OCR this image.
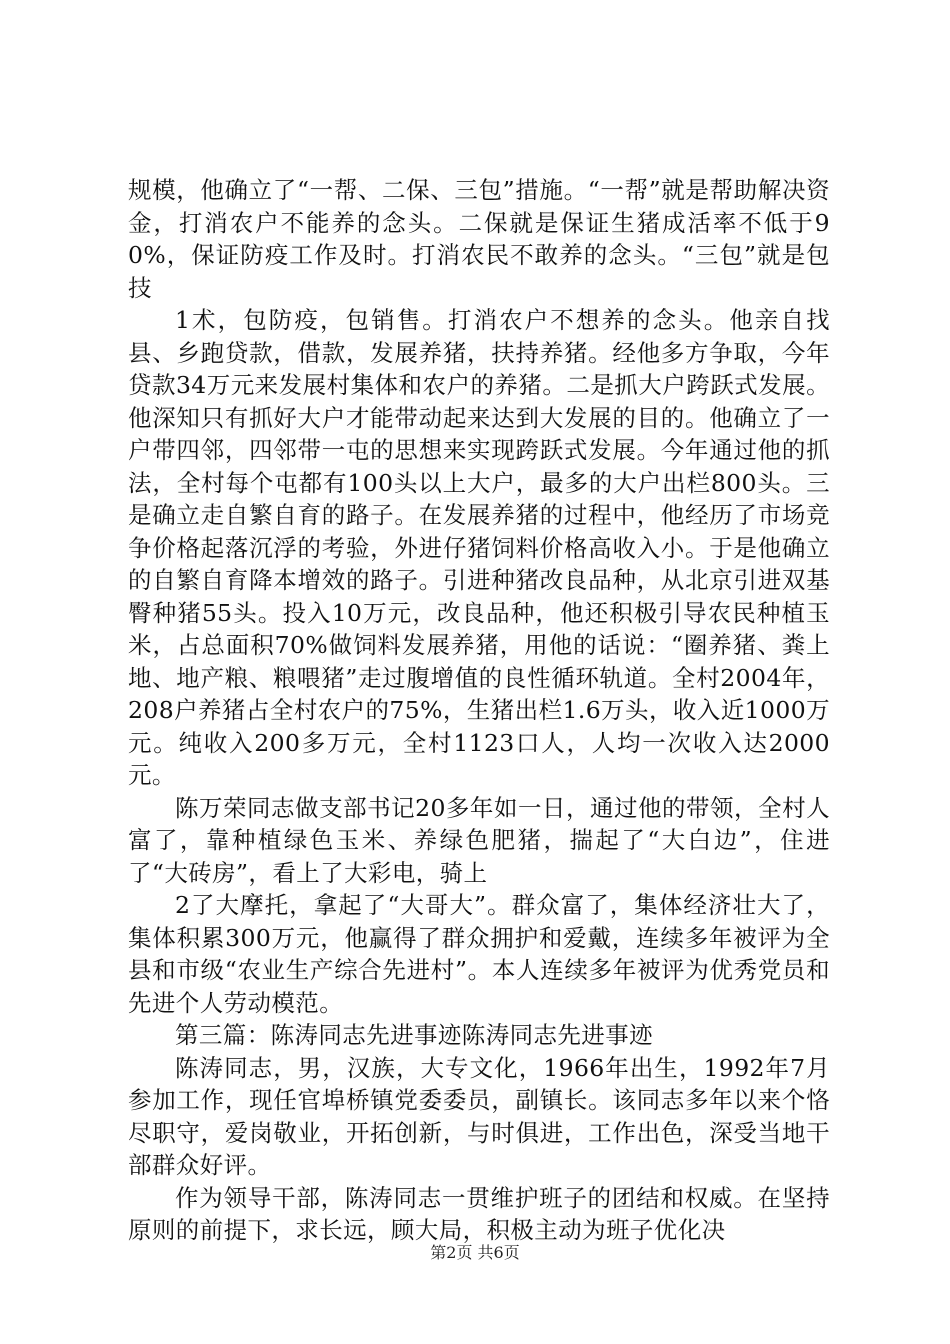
规模，他确立了“一帮、二保、三包”措施。“一帮”就是帮助解决资金，打消农户不能养的念头。二保就是保证生猪成活率不低于90%，保证防疫工作及时。打消农民不敢养的念头。“三包”就是包技

1术，包防疫，包销售。打消农户不想养的念头。他亲自找县、乡跑贷款，借款，发展养猪，扶持养猪。经他多方争取，今年贷款34万元来发展村集体和农户的养猪。二是抓大户跨跃式发展。他深知只有抓好大户才能带动起来达到大发展的目的。他确立了一户带四邻，四邻带一屯的思想来实现跨跃式发展。今年通过他的抓法，全村每个屯都有100头以上大户，最多的大户出栏800头。三是确立走自繁自育的路子。在发展养猪的过程中，他经历了市场竞争价格起落沉浮的考验，外进仔猪饲料价格高收入小。于是他确立的自繁自育降本增效的路子。引进种猪改良品种，从北京引进双基臀种猪55头。投入10万元，改良品种，他还积极引导农民种植玉米，占总面积70%做饲料发展养猪，用他的话说：“圈养猪、粪上地、地产粮、粮喂猪”走过腹增值的良性循环轨道。全村2004年，208户养猪占全村农户的75%，生猪出栏1.6万头，收入近1000万元。纯收入200多万元，全村1123口人，人均一次收入达2000元。

陈万荣同志做支部书记20多年如一日，通过他的带领，全村人富了，靠种植绿色玉米、养绿色肥猪，揣起了“大白边”，住进了“大砖房”，看上了大彩电，骑上

2了大摩托，拿起了“大哥大”。群众富了，集体经济壮大了，集体积累300万元，他赢得了群众拥护和爱戴，连续多年被评为全县和市级“农业生产综合先进村”。本人连续多年被评为优秀党员和先进个人劳动模范。

第三篇：陈涛同志先进事迹陈涛同志先进事迹

陈涛同志，男，汉族，大专文化，1966年出生，1992年7月参加工作，现任官埠桥镇党委委员，副镇长。该同志多年以来个恪尽职守，爱岗敬业，开拓创新，与时俱进，工作出色，深受当地干部群众好评。

作为领导干部，陈涛同志一贯维护班子的团结和权威。在坚持原则的前提下，求长远，顾大局，积极主动为班子优化决

第2页 共6页
